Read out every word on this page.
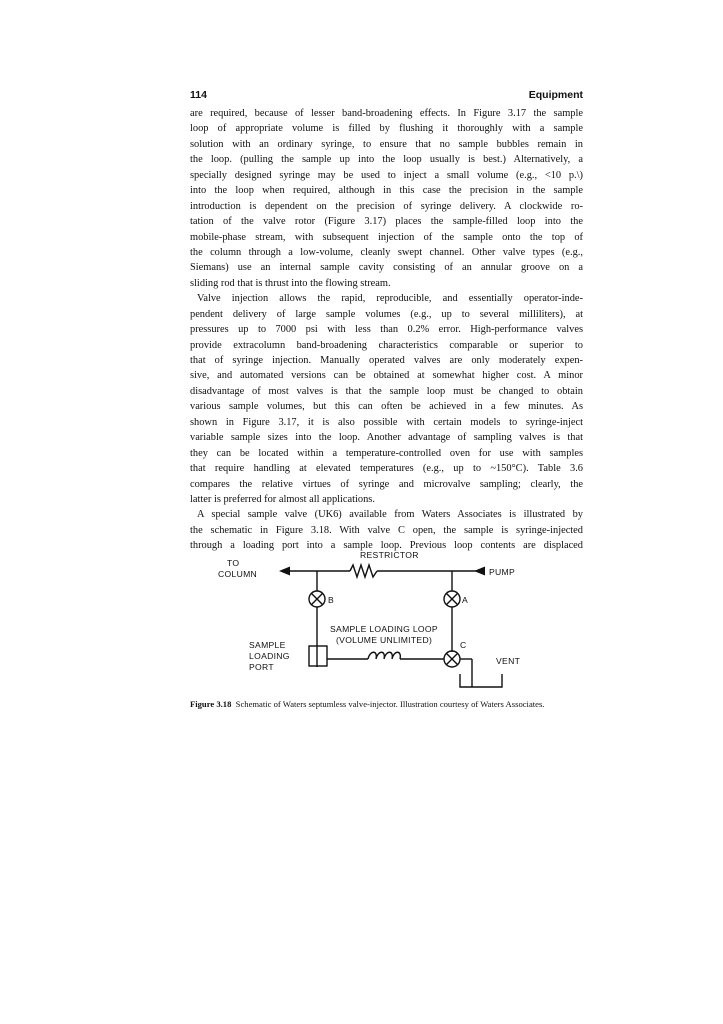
114	Equipment
are required, because of lesser band-broadening effects. In Figure 3.17 the sample
loop of appropriate volume is filled by flushing it thoroughly with a sample
solution with an ordinary syringe, to ensure that no sample bubbles remain in
the loop. (pulling the sample up into the loop usually is best.) Alternatively, a
specially designed syringe may be used to inject a small volume (e.g., <10 p.\)
into the loop when required, although in this case the precision in the sample
introduction is dependent on the precision of syringe delivery. A clockwide ro-
tation of the valve rotor (Figure 3.17) places the sample-filled loop into the
mobile-phase stream, with subsequent injection of the sample onto the top of
the column through a low-volume, cleanly swept channel. Other valve types (e.g.,
Siemans) use an internal sample cavity consisting of an annular groove on a
sliding rod that is thrust into the flowing stream.
Valve injection allows the rapid, reproducible, and essentially operator-inde-
pendent delivery of large sample volumes (e.g., up to several milliliters), at
pressures up to 7000 psi with less than 0.2% error. High-performance valves
provide extracolumn band-broadening characteristics comparable or superior to
that of syringe injection. Manually operated valves are only moderately expen-
sive, and automated versions can be obtained at somewhat higher cost. A minor
disadvantage of most valves is that the sample loop must be changed to obtain
various sample volumes, but this can often be achieved in a few minutes. As
shown in Figure 3.17, it is also possible with certain models to syringe-inject
variable sample sizes into the loop. Another advantage of sampling valves is that
they can be located within a temperature-controlled oven for use with samples
that require handling at elevated temperatures (e.g., up to ~150°C). Table 3.6
compares the relative virtues of syringe and microvalve sampling; clearly, the
latter is preferred for almost all applications.
A special sample valve (UK6) available from Waters Associates is illustrated by
the schematic in Figure 3.18. With valve C open, the sample is syringe-injected
through a loading port into a sample loop. Previous loop contents are displaced
RESTRICTOR
TO
COLUMN	PUMP
B	A
C
SAMPLE LOADING LOOP
(VOLUME UNLIMITED)
SAMPLE
LOADING
PORT
VENT
Figure 3.18 Schematic of Waters septumless valve-injector. Illustration courtesy of Waters Associates.
